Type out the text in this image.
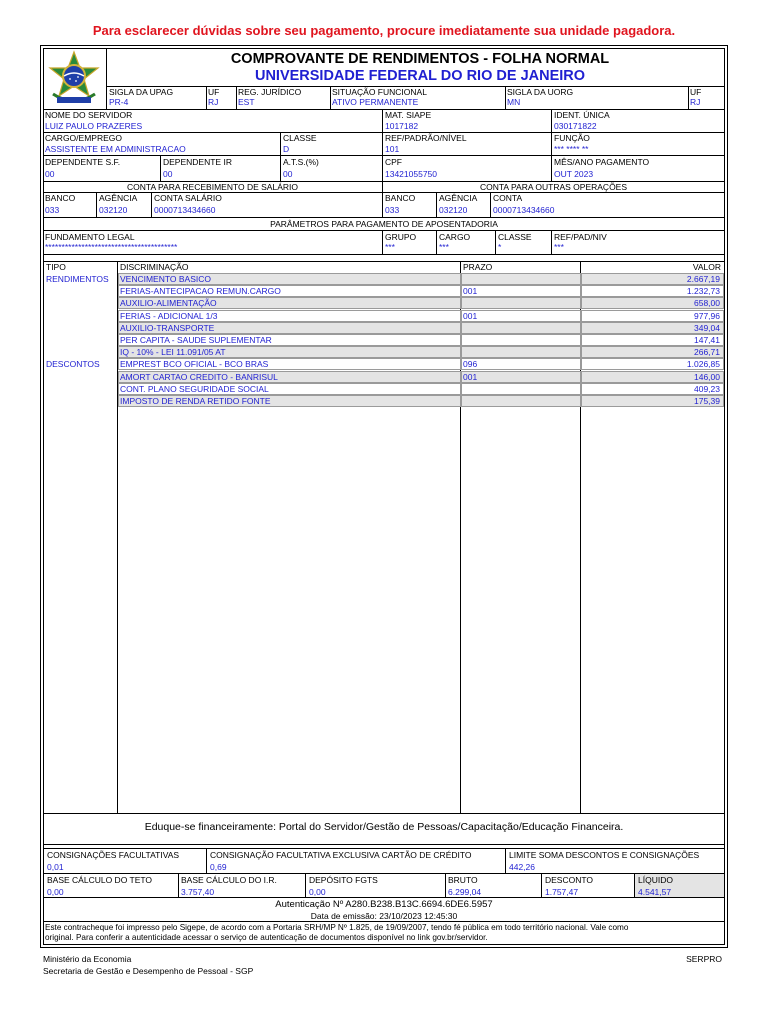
Para esclarecer dúvidas sobre seu pagamento, procure imediatamente sua unidade pagadora.
COMPROVANTE DE RENDIMENTOS - FOLHA NORMAL
UNIVERSIDADE FEDERAL DO RIO DE JANEIRO
SIGLA DA UPAG
PR-4
UF
RJ
REG. JURÍDICO
EST
SITUAÇÃO FUNCIONAL
ATIVO PERMANENTE
SIGLA DA UORG
MN
UF
RJ
NOME DO SERVIDOR
LUIZ PAULO PRAZERES
MAT. SIAPE
1017182
IDENT. ÚNICA
030171822
CARGO/EMPREGO
ASSISTENTE EM ADMINISTRACAO
CLASSE
D
REF/PADRÃO/NÍVEL
101
FUNÇÃO
*** **** **
DEPENDENTE S.F.
00
DEPENDENTE IR
00
A.T.S.(%)
00
CPF
13421055750
MÊS/ANO PAGAMENTO
OUT 2023
CONTA PARA RECEBIMENTO DE SALÁRIO	CONTA PARA OUTRAS OPERAÇÕES
BANCO
033
AGÊNCIA
032120
CONTA SALÁRIO
0000713434660
BANCO
033
AGÊNCIA
032120
CONTA
0000713434660
PARÂMETROS PARA PAGAMENTO DE APOSENTADORIA
FUNDAMENTO LEGAL
****************************************
GRUPO
***
CARGO
***
CLASSE
*
REF/PAD/NIV
***
TIPO	DISCRIMINAÇÃO	PRAZO	VALOR
RENDIMENTOS VENCIMENTO BASICO	2.667,19
FERIAS-ANTECIPACAO REMUN.CARGO	001	1.232,73
AUXILIO-ALIMENTAÇÃO	658,00
FERIAS - ADICIONAL 1/3	001	977,96
AUXILIO-TRANSPORTE	349,04
PER CAPITA - SAUDE SUPLEMENTAR	147,41
IQ - 10% - LEI 11.091/05 AT	266,71
DESCONTOS EMPREST BCO OFICIAL - BCO BRAS	096	1.026,85
AMORT CARTAO CREDITO - BANRISUL	001	146,00
CONT. PLANO SEGURIDADE SOCIAL	409,23
IMPOSTO DE RENDA RETIDO FONTE	175,39
Eduque-se financeiramente: Portal do Servidor/Gestão de Pessoas/Capacitação/Educação Financeira.
CONSIGNAÇÕES FACULTATIVAS
0,01
CONSIGNAÇÃO FACULTATIVA EXCLUSIVA CARTÃO DE CRÉDITO
0,69
LIMITE SOMA DESCONTOS E CONSIGNAÇÕES
442,26
BASE CÁLCULO DO TETO
0,00
BASE CÁLCULO DO I.R.
3.757,40
DEPÓSITO FGTS
0,00
BRUTO
6.299,04
DESCONTO
1.757,47
LÍQUIDO
4.541,57
Autenticação Nº A280.B238.B13C.6694.6DE6.5957
Data de emissão: 23/10/2023 12:45:30
Este contracheque foi impresso pelo Sigepe, de acordo com a Portaria SRH/MP Nº 1.825, de 19/09/2007, tendo fé pública em todo território nacional. Vale como
original. Para conferir a autenticidade acessar o serviço de autenticação de documentos disponível no link gov.br/servidor.
Ministério da Economia
Secretaria de Gestão e Desempenho de Pessoal - SGP
SERPRO
